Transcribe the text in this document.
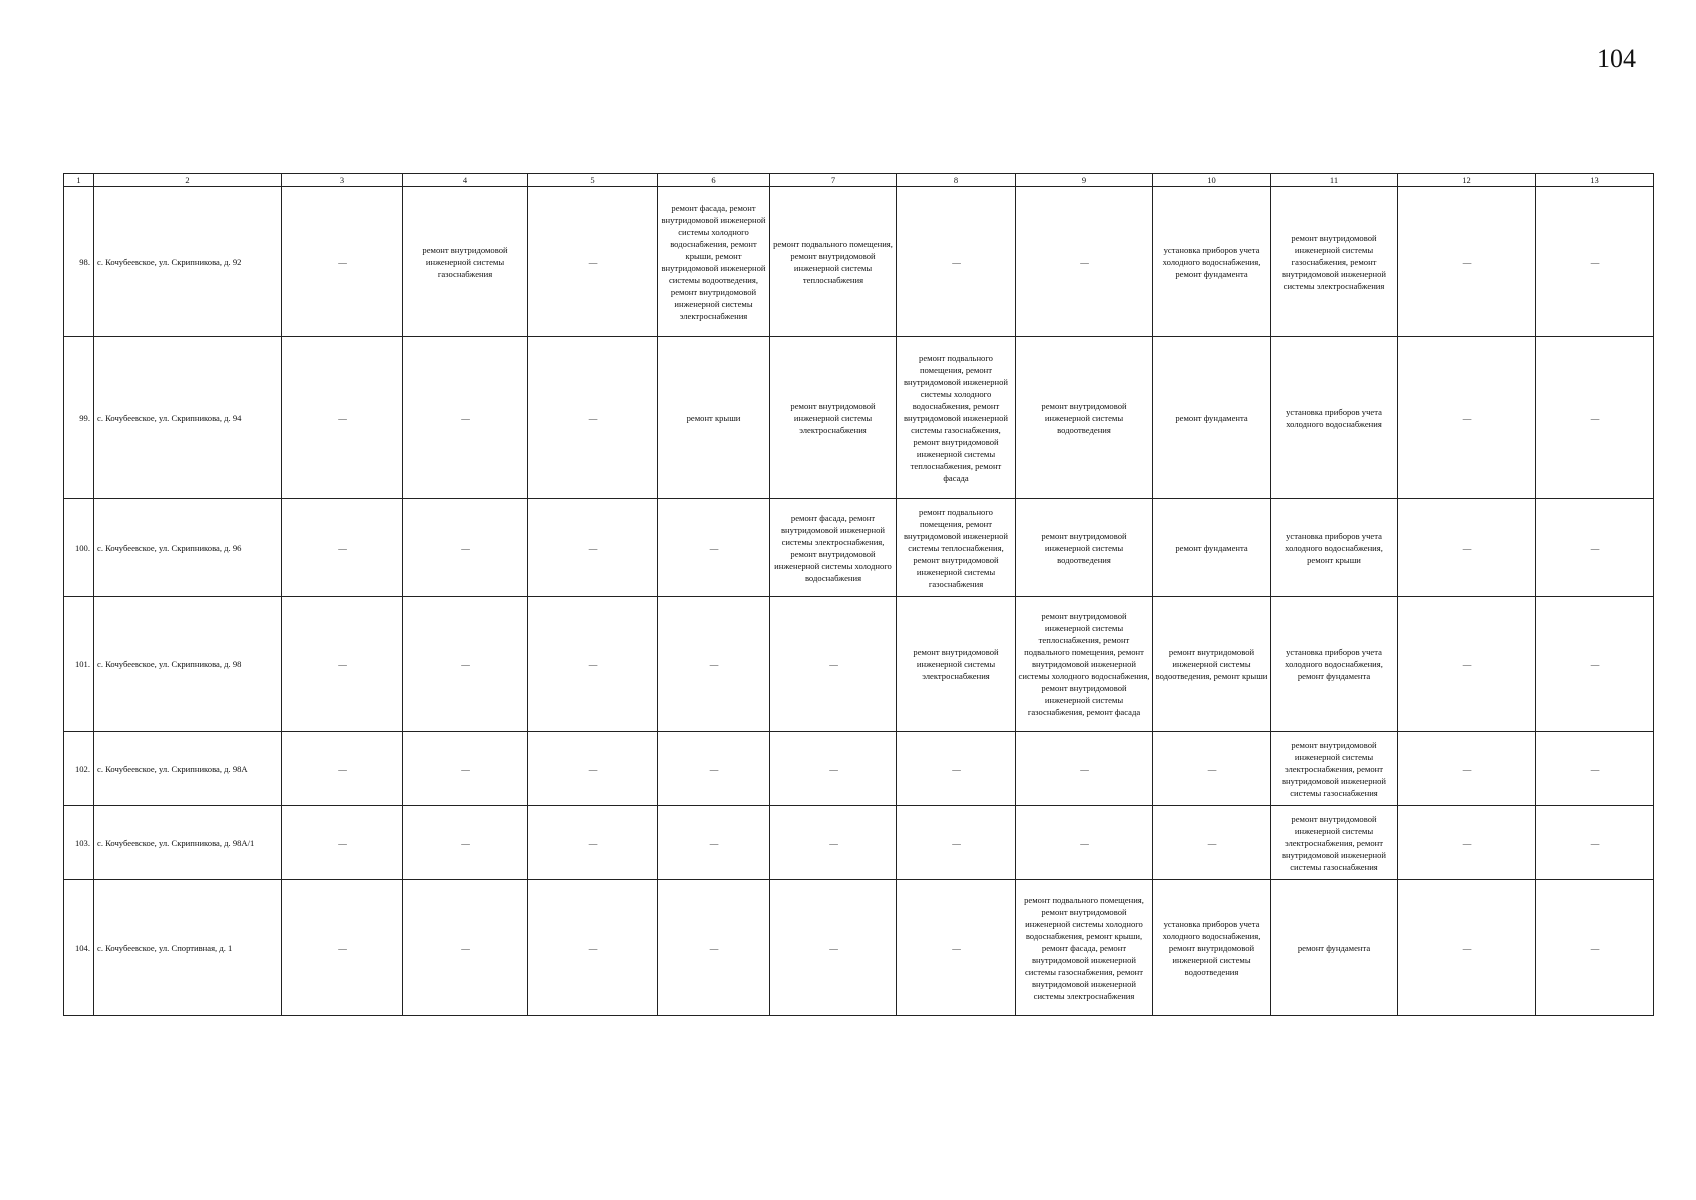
104
1	2	3	4	5	6	7	8	9	10	11	12	13
98.	с. Кочубеевское, ул. Скрипникова, д. 92	—	ремонт внутридомовой инженерной системы газоснабжения	—	ремонт фасада, ремонт внутридомовой инженерной системы холодного водоснабжения, ремонт крыши, ремонт внутридомовой инженерной системы водоотведения, ремонт внутридомовой инженерной системы электроснабжения	ремонт подвального помещения, ремонт внутридомовой инженерной системы теплоснабжения	—	—	установка приборов учета холодного водоснабжения, ремонт фундамента	ремонт внутридомовой инженерной системы газоснабжения, ремонт внутридомовой инженерной системы электроснабжения	—	—
99.	с. Кочубеевское, ул. Скрипникова, д. 94	—	—	—	ремонт крыши	ремонт внутридомовой инженерной системы электроснабжения	ремонт подвального помещения, ремонт внутридомовой инженерной системы холодного водоснабжения, ремонт внутридомовой инженерной системы газоснабжения, ремонт внутридомовой инженерной системы теплоснабжения, ремонт фасада	ремонт внутридомовой инженерной системы водоотведения	ремонт фундамента	установка приборов учета холодного водоснабжения	—	—
100.	с. Кочубеевское, ул. Скрипникова, д. 96	—	—	—	—	ремонт фасада, ремонт внутридомовой инженерной системы электроснабжения, ремонт внутридомовой инженерной системы холодного водоснабжения	ремонт подвального помещения, ремонт внутридомовой инженерной системы теплоснабжения, ремонт внутридомовой инженерной системы газоснабжения	ремонт внутридомовой инженерной системы водоотведения	ремонт фундамента	установка приборов учета холодного водоснабжения, ремонт крыши	—	—
101.	с. Кочубеевское, ул. Скрипникова, д. 98	—	—	—	—	—	ремонт внутридомовой инженерной системы электроснабжения	ремонт внутридомовой инженерной системы теплоснабжения, ремонт подвального помещения, ремонт внутридомовой инженерной системы холодного водоснабжения, ремонт внутридомовой инженерной системы газоснабжения, ремонт фасада	ремонт внутридомовой инженерной системы водоотведения, ремонт крыши	установка приборов учета холодного водоснабжения, ремонт фундамента	—	—
102.	с. Кочубеевское, ул. Скрипникова, д. 98А	—	—	—	—	—	—	—	—	ремонт внутридомовой инженерной системы электроснабжения, ремонт внутридомовой инженерной системы газоснабжения	—	—
103.	с. Кочубеевское, ул. Скрипникова, д. 98А/1	—	—	—	—	—	—	—	—	ремонт внутридомовой инженерной системы электроснабжения, ремонт внутридомовой инженерной системы газоснабжения	—	—
104.	с. Кочубеевское, ул. Спортивная, д. 1	—	—	—	—	—	—	ремонт подвального помещения, ремонт внутридомовой инженерной системы холодного водоснабжения, ремонт крыши, ремонт фасада, ремонт внутридомовой инженерной системы газоснабжения, ремонт внутридомовой инженерной системы электроснабжения	установка приборов учета холодного водоснабжения, ремонт внутридомовой инженерной системы водоотведения	ремонт фундамента	—	—
